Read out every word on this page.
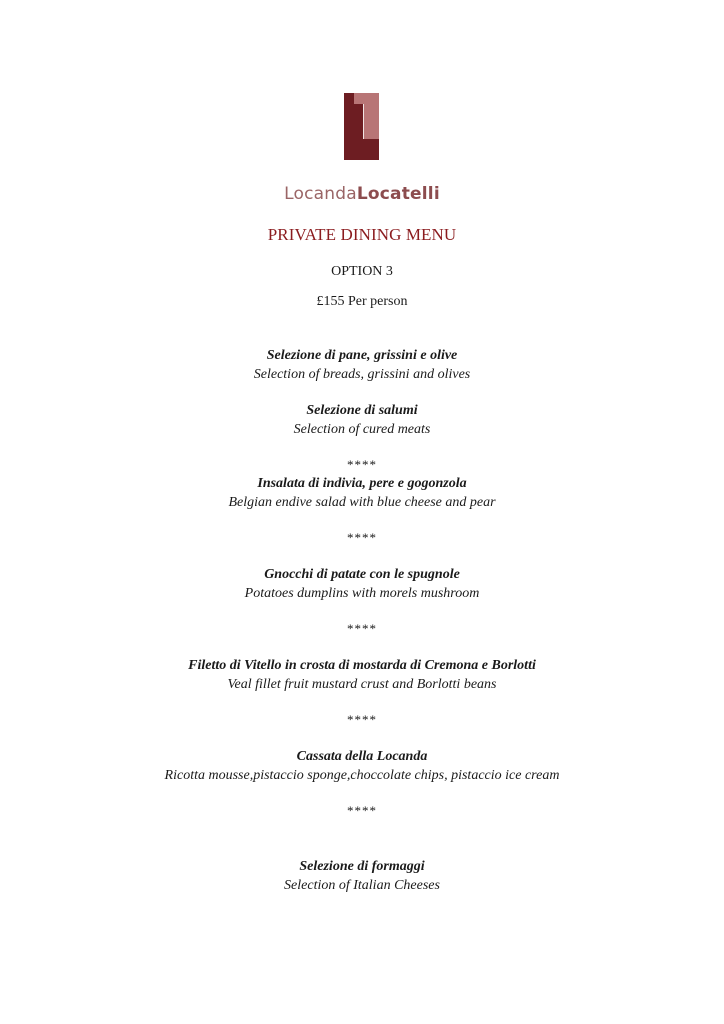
LocandaLocatelli
PRIVATE DINING MENU
OPTION 3
£155 Per person
Selezione di pane, grissini e olive
Selection of breads, grissini and olives
Selezione di salumi
Selection of cured meats
****
Insalata di indivia, pere e gogonzola
Belgian endive salad with blue cheese and pear
****
Gnocchi di patate con le spugnole
Potatoes dumplins with morels mushroom
****
Filetto di Vitello in crosta di mostarda di Cremona e Borlotti
Veal fillet fruit mustard crust and Borlotti beans
****
Cassata della Locanda
Ricotta mousse,pistaccio sponge,choccolate chips, pistaccio ice cream
****
Selezione di formaggi
Selection of Italian Cheeses
